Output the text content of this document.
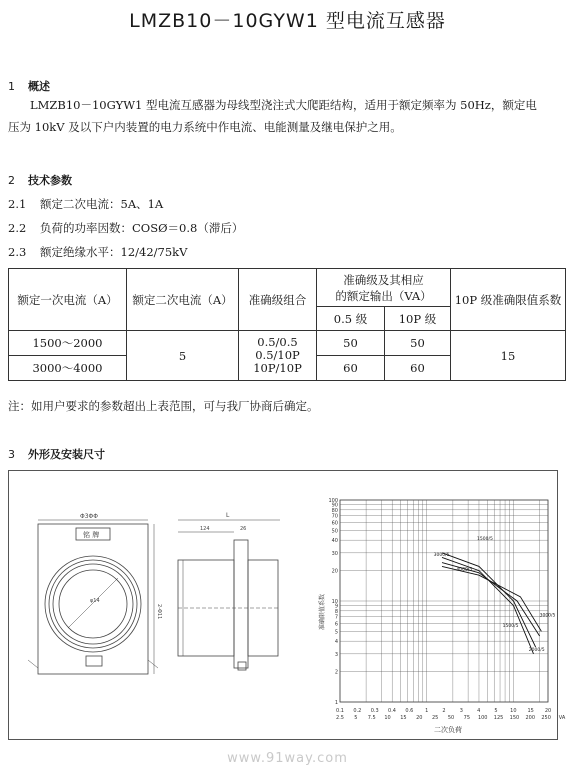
LMZB10－10GYW1 型电流互感器
1 概述
LMZB10－10GYW1 型电流互感器为母线型浇注式大爬距结构，适用于额定频率为 50Hz，额定电
压为 10kV 及以下户内装置的电力系统中作电流、电能测量及继电保护之用。
2 技术参数
2.1 额定二次电流：5A、1A
2.2 负荷的功率因数：COSØ＝0.8（滞后）
2.3 额定绝缘水平：12/42/75kV
额定一次电流（A）	额定二次电流（A）	准确级组合	准确级及其相应
的额定输出（VA）		10P 级准确限值系数
			0.5 级	10P 级	
1500～2000	5	0.5/0.5
0.5/10P
10P/10P	50	50	15
3000～4000			60	60	
注：如用户要求的参数超出上表范围，可与我厂协商后确定。
3 外形及安装尺寸
Φ3ΦΦ
铭 牌
φ14
2-Φ11
L
124	26
100
90
80
70
60
50
40
30
20
10
9
8
7
6
5
4
3
2
1
0.1 0.2 0.3 0.4 0.6 1	2	3	4	5	10 15 20
2.5 5 7.5 10 15 20 25 50 75 100 125 150 200 250 VA
1500/5
3000/5
4000/5
3000/5
1500/5
2000/5
准确限值系数
二次负荷
www.91way.com
